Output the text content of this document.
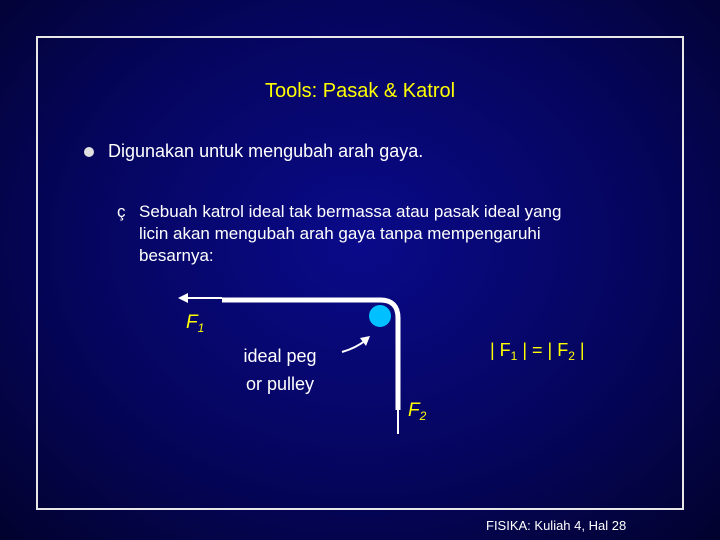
Tools: Pasak & Katrol
Digunakan untuk mengubah arah gaya.
ç Sebuah katrol ideal tak bermassa atau pasak ideal yang
licin akan mengubah arah gaya tanpa mempengaruhi
besarnya:
$F_1$
$F_2$
ideal peg
or pulley
| $F_1$ | = | $F_2$ |
FISIKA: Kuliah 4, Hal 28
